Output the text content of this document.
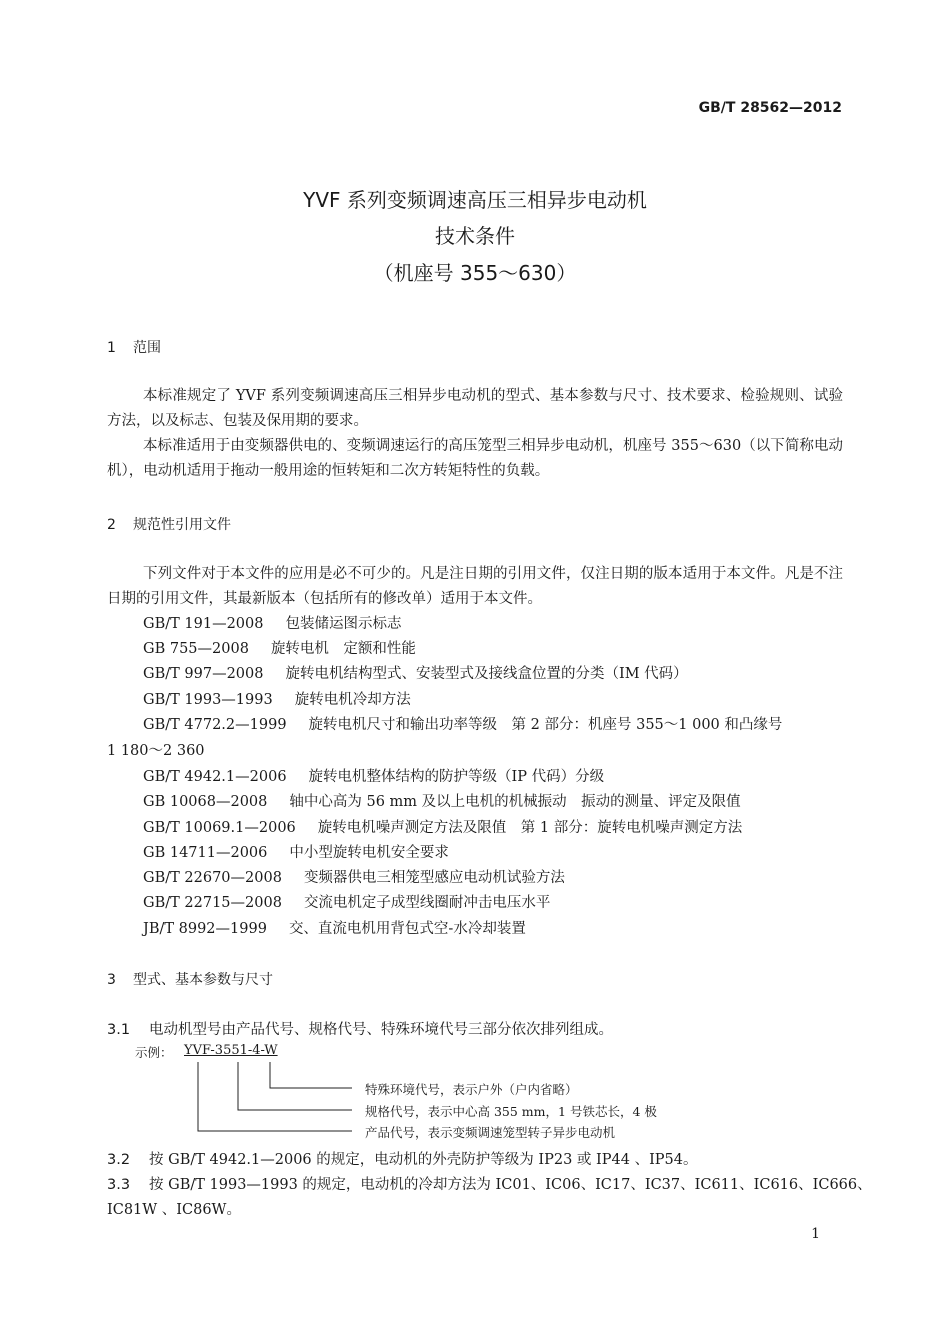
GB/T 28562—2012
YVF 系列变频调速高压三相异步电动机
技术条件
（机座号 355～630）
1 范围
本标准规定了 YVF 系列变频调速高压三相异步电动机的型式、基本参数与尺寸、技术要求、检验规则、试验方法，以及标志、包装及保用期的要求。
本标准适用于由变频器供电的、变频调速运行的高压笼型三相异步电动机，机座号 355～630（以下简称电动机），电动机适用于拖动一般用途的恒转矩和二次方转矩特性的负载。
2 规范性引用文件
下列文件对于本文件的应用是必不可少的。凡是注日期的引用文件，仅注日期的版本适用于本文件。凡是不注日期的引用文件，其最新版本（包括所有的修改单）适用于本文件。
GB/T 191—2008 包装储运图示标志
GB 755—2008 旋转电机　定额和性能
GB/T 997—2008 旋转电机结构型式、安装型式及接线盒位置的分类（IM 代码）
GB/T 1993—1993 旋转电机冷却方法
GB/T 4772.2—1999 旋转电机尺寸和输出功率等级　第 2 部分：机座号 355～1 000 和凸缘号
1 180～2 360
GB/T 4942.1—2006 旋转电机整体结构的防护等级（IP 代码）分级
GB 10068—2008 轴中心高为 56 mm 及以上电机的机械振动　振动的测量、评定及限值
GB/T 10069.1—2006 旋转电机噪声测定方法及限值　第 1 部分：旋转电机噪声测定方法
GB 14711—2006 中小型旋转电机安全要求
GB/T 22670—2008 变频器供电三相笼型感应电动机试验方法
GB/T 22715—2008 交流电机定子成型线圈耐冲击电压水平
JB/T 8992—1999 交、直流电机用背包式空-水冷却装置
3 型式、基本参数与尺寸
3.1 电动机型号由产品代号、规格代号、特殊环境代号三部分依次排列组成。
示例： YVF-3551-4-W
特殊环境代号，表示户外（户内省略）
规格代号，表示中心高 355 mm，1 号铁芯长，4 极
产品代号，表示变频调速笼型转子异步电动机
3.2 按 GB/T 4942.1—2006 的规定，电动机的外壳防护等级为 IP23 或 IP44 、IP54。
3.3 按 GB/T 1993—1993 的规定，电动机的冷却方法为 IC01、IC06、IC17、IC37、IC611、IC616、IC666、
IC81W 、IC86W。
1
